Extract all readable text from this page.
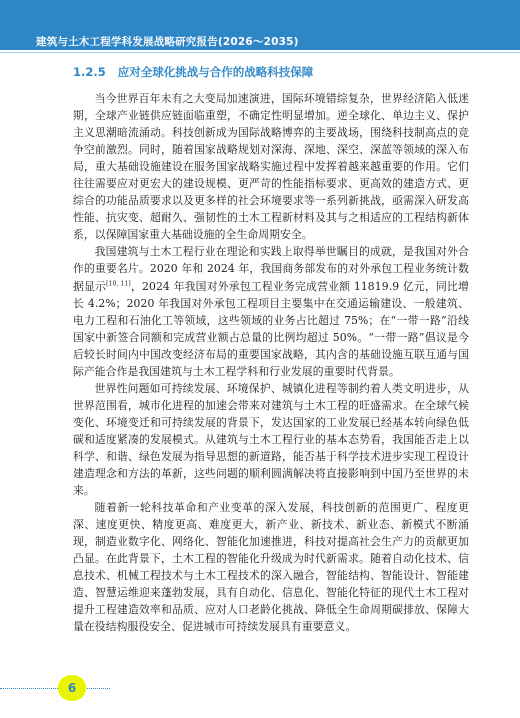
建筑与土木工程学科发展战略研究报告(2026～2035)
1.2.5 应对全球化挑战与合作的战略科技保障

当今世界百年未有之大变局加速演进，国际环境错综复杂，世界经济陷入低迷期，全球产业链供应链面临重塑，不确定性明显增加。逆全球化、单边主义、保护主义思潮暗流涌动。科技创新成为国际战略博弈的主要战场，围绕科技制高点的竞争空前激烈。同时，随着国家战略规划对深海、深地、深空、深蓝等领域的深入布局，重大基础设施建设在服务国家战略实施过程中发挥着越来越重要的作用。它们往往需要应对更宏大的建设规模、更严苛的性能指标要求、更高效的建造方式、更综合的功能品质要求以及更多样的社会环境要求等一系列新挑战，亟需深入研发高性能、抗灾变、超耐久、强韧性的土木工程新材料及其与之相适应的工程结构新体系，以保障国家重大基础设施的全生命周期安全。

我国建筑与土木工程行业在理论和实践上取得举世瞩目的成就，是我国对外合作的重要名片。2020 年和 2024 年，我国商务部发布的对外承包工程业务统计数据显示[10, 11]，2024 年我国对外承包工程业务完成营业额 11819.9 亿元，同比增长 4.2%；2020 年我国对外承包工程项目主要集中在交通运输建设、一般建筑、电力工程和石油化工等领域，这些领域的业务占比超过 75%；在“一带一路”沿线国家中新签合同额和完成营业额占总量的比例均超过 50%。“一带一路”倡议是今后较长时间内中国改变经济布局的重要国家战略，其内含的基础设施互联互通与国际产能合作是我国建筑与土木工程学科和行业发展的重要时代背景。

世界性问题如可持续发展、环境保护、城镇化进程等制约着人类文明进步，从世界范围看，城市化进程的加速会带来对建筑与土木工程的旺盛需求。在全球气候变化、环境变迁和可持续发展的背景下，发达国家的工业发展已经基本转向绿色低碳和适度紧凑的发展模式。从建筑与土木工程行业的基本态势看，我国能否走上以科学、和谐、绿色发展为指导思想的新道路，能否基于科学技术进步实现工程设计建造理念和方法的革新，这些问题的顺利圆满解决将直接影响到中国乃至世界的未来。

随着新一轮科技革命和产业变革的深入发展，科技创新的范围更广、程度更深、速度更快、精度更高、难度更大，新产业、新技术、新业态、新模式不断涌现，制造业数字化、网络化、智能化加速推进，科技对提高社会生产力的贡献更加凸显。在此背景下，土木工程的智能化升级成为时代新需求。随着自动化技术、信息技术、机械工程技术与土木工程技术的深入融合，智能结构、智能设计、智能建造、智慧运维迎来蓬勃发展，具有自动化、信息化、智能化特征的现代土木工程对提升工程建造效率和品质、应对人口老龄化挑战、降低全生命周期碳排放、保障大量在役结构服役安全、促进城市可持续发展具有重要意义。

6
